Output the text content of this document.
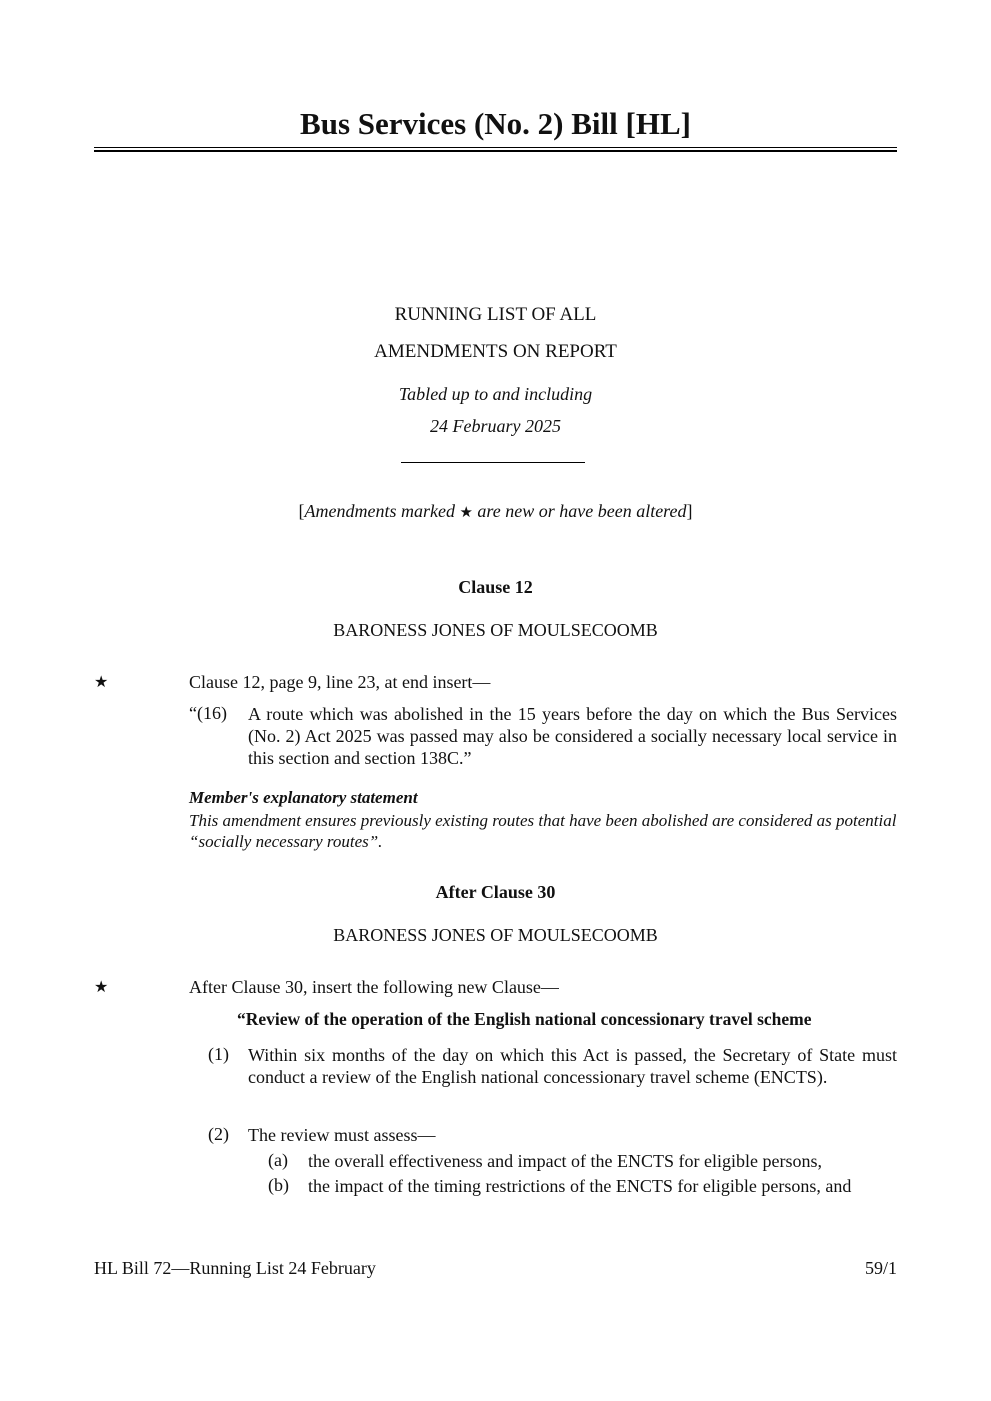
Bus Services (No. 2) Bill [HL]
RUNNING LIST OF ALL
AMENDMENTS ON REPORT
Tabled up to and including
24 February 2025
[Amendments marked ★ are new or have been altered]
Clause 12
BARONESS JONES OF MOULSECOOMB
★	Clause 12, page 9, line 23, at end insert—
“(16) A route which was abolished in the 15 years before the day on which the Bus Services (No. 2) Act 2025 was passed may also be considered a socially necessary local service in this section and section 138C.”
Member's explanatory statement
This amendment ensures previously existing routes that have been abolished are considered as potential “socially necessary routes”.
After Clause 30
BARONESS JONES OF MOULSECOOMB
★	After Clause 30, insert the following new Clause—
“Review of the operation of the English national concessionary travel scheme
(1) Within six months of the day on which this Act is passed, the Secretary of State must conduct a review of the English national concessionary travel scheme (ENCTS).
(2) The review must assess—
(a) the overall effectiveness and impact of the ENCTS for eligible persons,
(b) the impact of the timing restrictions of the ENCTS for eligible persons, and
HL Bill 72—Running List 24 February	59/1
